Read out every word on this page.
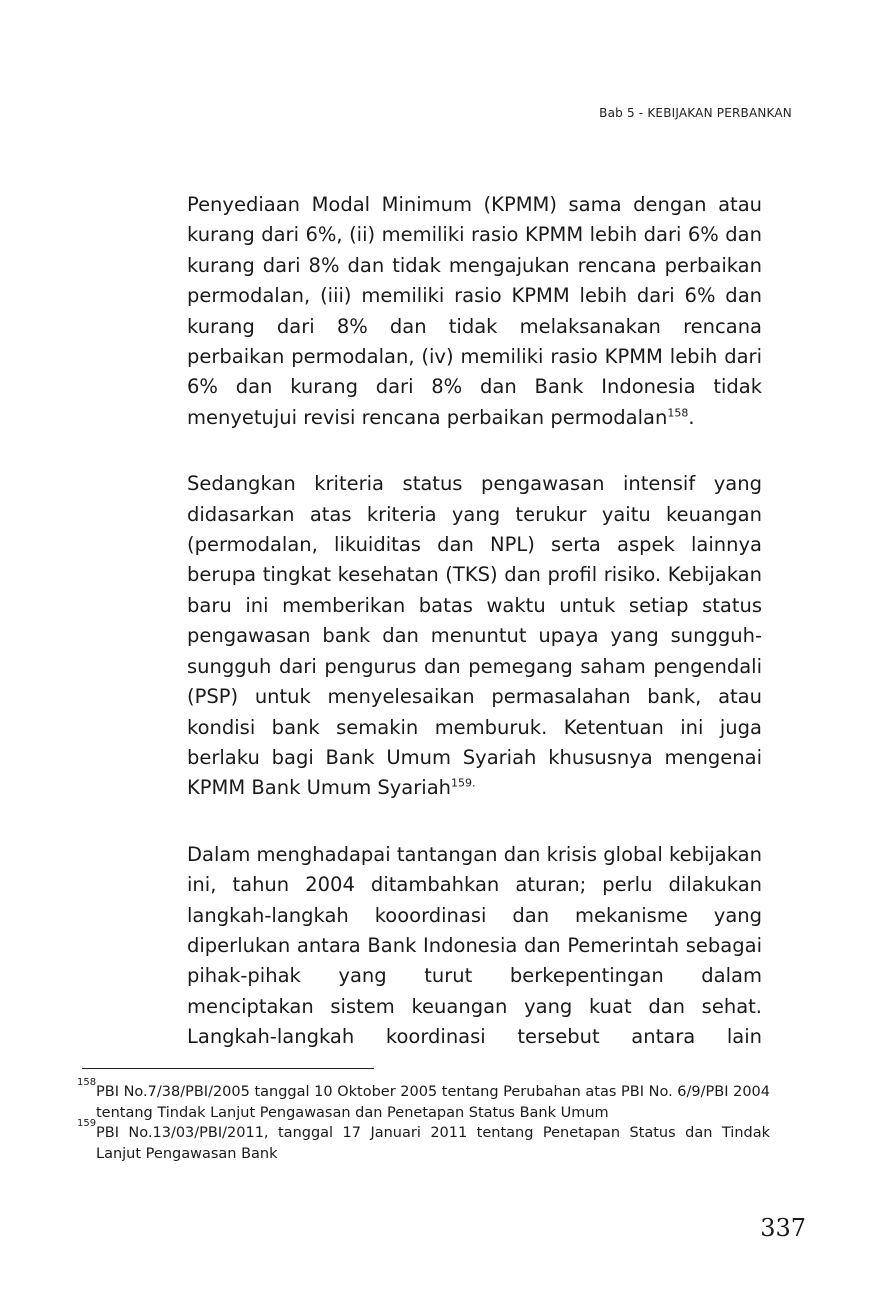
Bab 5 - KEBIJAKAN PERBANKAN

Penyediaan Modal Minimum (KPMM) sama dengan atau kurang dari 6%, (ii) memiliki rasio KPMM lebih dari 6% dan kurang dari 8% dan tidak mengajukan rencana perbaikan permodalan, (iii) memiliki rasio KPMM lebih dari 6% dan kurang dari 8% dan tidak melaksanakan rencana perbaikan permodalan, (iv) memiliki rasio KPMM lebih dari 6% dan kurang dari 8% dan Bank Indonesia tidak menyetujui revisi rencana perbaikan permodalan$^{158}$.

Sedangkan kriteria status pengawasan intensif yang didasarkan atas kriteria yang terukur yaitu keuangan (permodalan, likuiditas dan NPL) serta aspek lainnya berupa tingkat kesehatan (TKS) dan profil risiko. Kebijakan baru ini memberikan batas waktu untuk setiap status pengawasan bank dan menuntut upaya yang sungguh-sungguh dari pengurus dan pemegang saham pengendali (PSP) untuk menyelesaikan permasalahan bank, atau kondisi bank semakin memburuk. Ketentuan ini juga berlaku bagi Bank Umum Syariah khususnya mengenai KPMM Bank Umum Syariah$^{159.}$

Dalam menghadapai tantangan dan krisis global kebijakan ini, tahun 2004 ditambahkan aturan; perlu dilakukan langkah-langkah kooordinasi dan mekanisme yang diperlukan antara Bank Indonesia dan Pemerintah sebagai pihak-pihak yang turut berkepentingan dalam menciptakan sistem keuangan yang kuat dan sehat. Langkah-langkah koordinasi tersebut antara lain

158
PBI No.7/38/PBI/2005 tanggal 10 Oktober 2005 tentang Perubahan atas PBI No. 6/9/PBI 2004 tentang Tindak Lanjut Pengawasan dan Penetapan Status Bank Umum
159
PBI No.13/03/PBI/2011, tanggal 17 Januari 2011 tentang Penetapan Status dan Tindak Lanjut Pengawasan Bank
337
